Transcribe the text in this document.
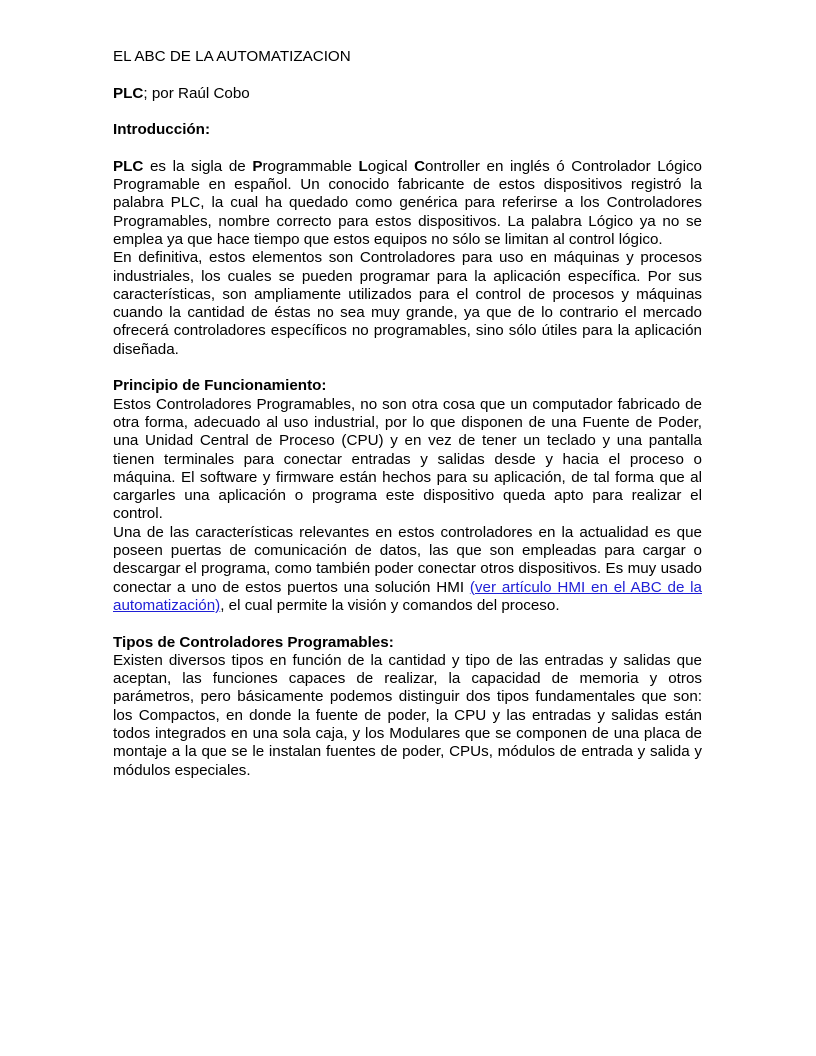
EL ABC DE LA AUTOMATIZACION

PLC; por Raúl Cobo

Introducción:

PLC es la sigla de Programmable Logical Controller en inglés ó Controlador Lógico Programable en español. Un conocido fabricante de estos dispositivos registró la palabra PLC, la cual ha quedado como genérica para referirse a los Controladores Programables, nombre correcto para estos dispositivos. La palabra Lógico ya no se emplea ya que hace tiempo que estos equipos no sólo se limitan al control lógico.

En definitiva, estos elementos son Controladores para uso en máquinas y procesos industriales, los cuales se pueden programar para la aplicación específica. Por sus características, son ampliamente utilizados para el control de procesos y máquinas cuando la cantidad de éstas no sea muy grande, ya que de lo contrario el mercado ofrecerá controladores específicos no programables, sino sólo útiles para la aplicación diseñada.

Principio de Funcionamiento:

Estos Controladores Programables, no son otra cosa que un computador fabricado de otra forma, adecuado al uso industrial, por lo que disponen de una Fuente de Poder, una Unidad Central de Proceso (CPU) y en vez de tener un teclado y una pantalla tienen terminales para conectar entradas y salidas desde y hacia el proceso o máquina. El software y firmware están hechos para su aplicación, de tal forma que al cargarles una aplicación o programa este dispositivo queda apto para realizar el control.

Una de las características relevantes en estos controladores en la actualidad es que poseen puertas de comunicación de datos, las que son empleadas para cargar o descargar el programa, como también poder conectar otros dispositivos. Es muy usado conectar a uno de estos puertos una solución HMI (ver artículo HMI en el ABC de la automatización), el cual permite la visión y comandos del proceso.

Tipos de Controladores Programables:

Existen diversos tipos en función de la cantidad y tipo de las entradas y salidas que aceptan, las funciones capaces de realizar, la capacidad de memoria y otros parámetros, pero básicamente podemos distinguir dos tipos fundamentales que son: los Compactos, en donde la fuente de poder, la CPU y las entradas y salidas están todos integrados en una sola caja, y los Modulares que se componen de una placa de montaje a la que se le instalan fuentes de poder, CPUs, módulos de entrada y salida y módulos especiales.
